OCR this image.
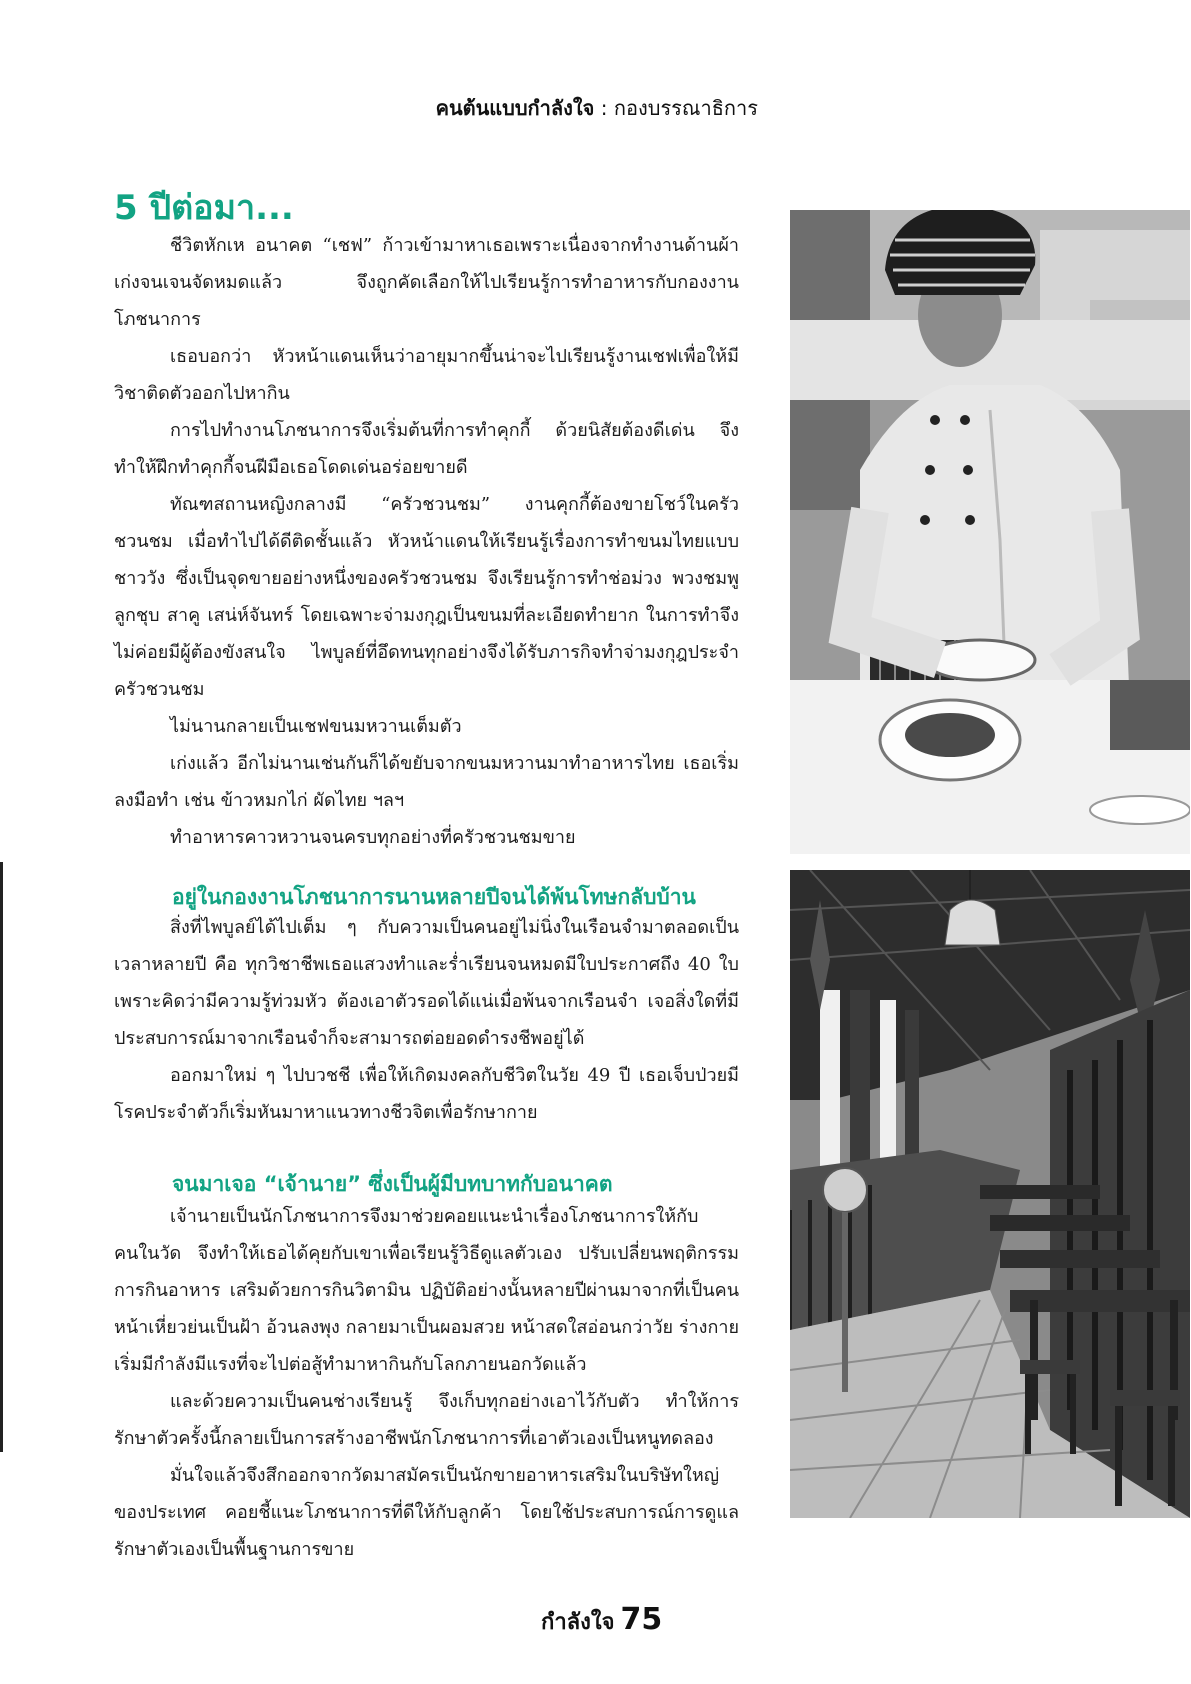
คนต้นแบบกำลังใจ : กองบรรณาธิการ
5 ปีต่อมา...

ชีวิตหักเห อนาคต “เชฟ” ก้าวเข้ามาหาเธอเพราะเนื่องจากทำงานด้านผ้าเก่งจนเจนจัดหมดแล้ว จึงถูกคัดเลือกให้ไปเรียนรู้การทำอาหารกับกองงานโภชนาการ

เธอบอกว่า หัวหน้าแดนเห็นว่าอายุมากขึ้นน่าจะไปเรียนรู้งานเชฟเพื่อให้มีวิชาติดตัวออกไปหากิน

การไปทำงานโภชนาการจึงเริ่มต้นที่การทำคุกกี้ ด้วยนิสัยต้องดีเด่น จึงทำให้ฝึกทำคุกกี้จนฝีมือเธอโดดเด่นอร่อยขายดี

ทัณฑสถานหญิงกลางมี “ครัวชวนชม” งานคุกกี้ต้องขายโชว์ในครัวชวนชม เมื่อทำไปได้ดีติดชั้นแล้ว หัวหน้าแดนให้เรียนรู้เรื่องการทำขนมไทยแบบชาววัง ซึ่งเป็นจุดขายอย่างหนึ่งของครัวชวนชม จึงเรียนรู้การทำช่อม่วง พวงชมพู ลูกชุบ สาคู เสน่ห์จันทร์ โดยเฉพาะจ่ามงกุฎเป็นขนมที่ละเอียดทำยาก ในการทำจึงไม่ค่อยมีผู้ต้องขังสนใจ ไพบูลย์ที่อึดทนทุกอย่างจึงได้รับภารกิจทำจ่ามงกุฎประจำครัวชวนชม

ไม่นานกลายเป็นเชฟขนมหวานเต็มตัว

เก่งแล้ว อีกไม่นานเช่นกันก็ได้ขยับจากขนมหวานมาทำอาหารไทย เธอเริ่มลงมือทำ เช่น ข้าวหมกไก่ ผัดไทย ฯลฯ

ทำอาหารคาวหวานจนครบทุกอย่างที่ครัวชวนชมขาย

อยู่ในกองงานโภชนาการนานหลายปีจนได้พ้นโทษกลับบ้าน

สิ่งที่ไพบูลย์ได้ไปเต็ม ๆ กับความเป็นคนอยู่ไม่นิ่งในเรือนจำมาตลอดเป็นเวลาหลายปี คือ ทุกวิชาชีพเธอแสวงทำและร่ำเรียนจนหมดมีใบประกาศถึง 40 ใบ เพราะคิดว่ามีความรู้ท่วมหัว ต้องเอาตัวรอดได้แน่เมื่อพ้นจากเรือนจำ เจอสิ่งใดที่มีประสบการณ์มาจากเรือนจำก็จะสามารถต่อยอดดำรงชีพอยู่ได้

ออกมาใหม่ ๆ ไปบวชชี เพื่อให้เกิดมงคลกับชีวิตในวัย 49 ปี เธอเจ็บป่วยมีโรคประจำตัวก็เริ่มหันมาหาแนวทางชีวจิตเพื่อรักษากาย

จนมาเจอ “เจ้านาย” ซึ่งเป็นผู้มีบทบาทกับอนาคต

เจ้านายเป็นนักโภชนาการจึงมาช่วยคอยแนะนำเรื่องโภชนาการให้กับคนในวัด จึงทำให้เธอได้คุยกับเขาเพื่อเรียนรู้วิธีดูแลตัวเอง ปรับเปลี่ยนพฤติกรรมการกินอาหาร เสริมด้วยการกินวิตามิน ปฏิบัติอย่างนั้นหลายปีผ่านมาจากที่เป็นคนหน้าเหี่ยวย่นเป็นฝ้า อ้วนลงพุง กลายมาเป็นผอมสวย หน้าสดใสอ่อนกว่าวัย ร่างกายเริ่มมีกำลังมีแรงที่จะไปต่อสู้ทำมาหากินกับโลกภายนอกวัดแล้ว

และด้วยความเป็นคนช่างเรียนรู้ จึงเก็บทุกอย่างเอาไว้กับตัว ทำให้การรักษาตัวครั้งนี้กลายเป็นการสร้างอาชีพนักโภชนาการที่เอาตัวเองเป็นหนูทดลอง

มั่นใจแล้วจึงสึกออกจากวัดมาสมัครเป็นนักขายอาหารเสริมในบริษัทใหญ่ของประเทศ คอยชี้แนะโภชนาการที่ดีให้กับลูกค้า โดยใช้ประสบการณ์การดูแลรักษาตัวเองเป็นพื้นฐานการขาย

กำลังใจ 75
